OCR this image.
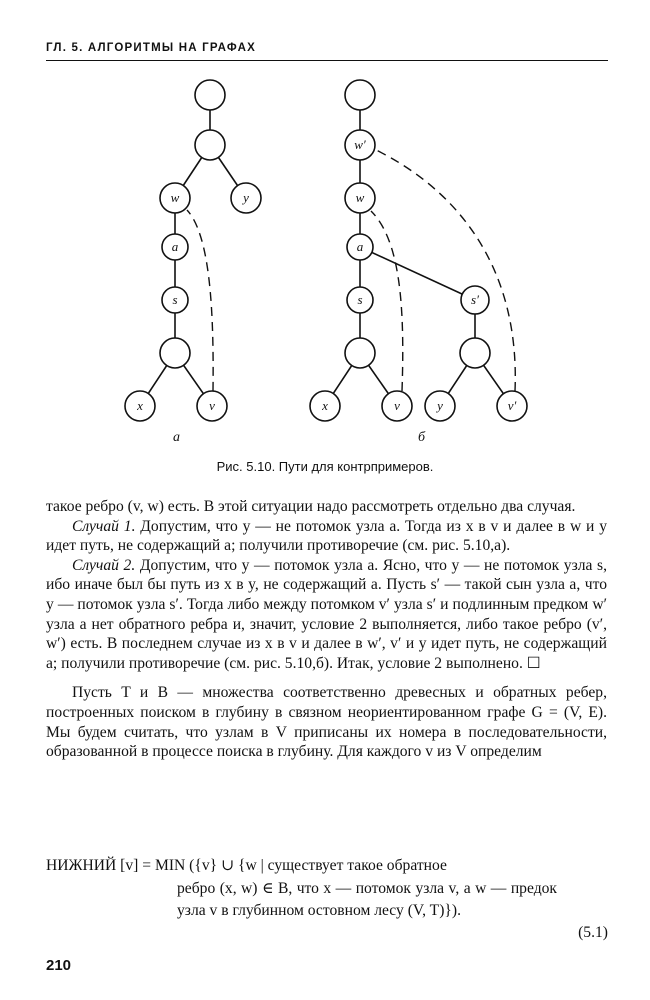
ГЛ. 5. АЛГОРИТМЫ НА ГРАФАХ
w	y
a
s
x	v
w′
w
a
s	s′
x	v	y	v′
а	б
Рис. 5.10. Пути для контрпримеров.

такое ребро (v, w) есть. В этой ситуации надо рассмотреть отдельно два случая.

Случай 1. Допустим, что y — не потомок узла a. Тогда из x в v и далее в w и y идет путь, не содержащий a; получили противоречие (см. рис. 5.10,a).

Случай 2. Допустим, что y — потомок узла a. Ясно, что y — не потомок узла s, ибо иначе был бы путь из x в y, не содержащий a. Пусть s′ — такой сын узла a, что y — потомок узла s′. Тогда либо между потомком v′ узла s′ и подлинным предком w′ узла a нет обратного ребра и, значит, условие 2 выполняется, либо такое ребро (v′, w′) есть. В последнем случае из x в v и далее в w′, v′ и y идет путь, не содержащий a; получили противоречие (см. рис. 5.10,б). Итак, условие 2 выполнено. ☐

Пусть T и B — множества соответственно древесных и обратных ребер, построенных поиском в глубину в связном неориентированном графе G = (V, E). Мы будем считать, что узлам в V приписаны их номера в последовательности, образованной в процессе поиска в глубину. Для каждого v из V определим

НИЖНИЙ [v] = MIN ({v} ∪ {w | существует такое обратное
ребро (x, w) ∈ B, что x — потомок узла v, а w — предок узла v в глубинном остовном лесу (V, T)}).
(5.1)
210
